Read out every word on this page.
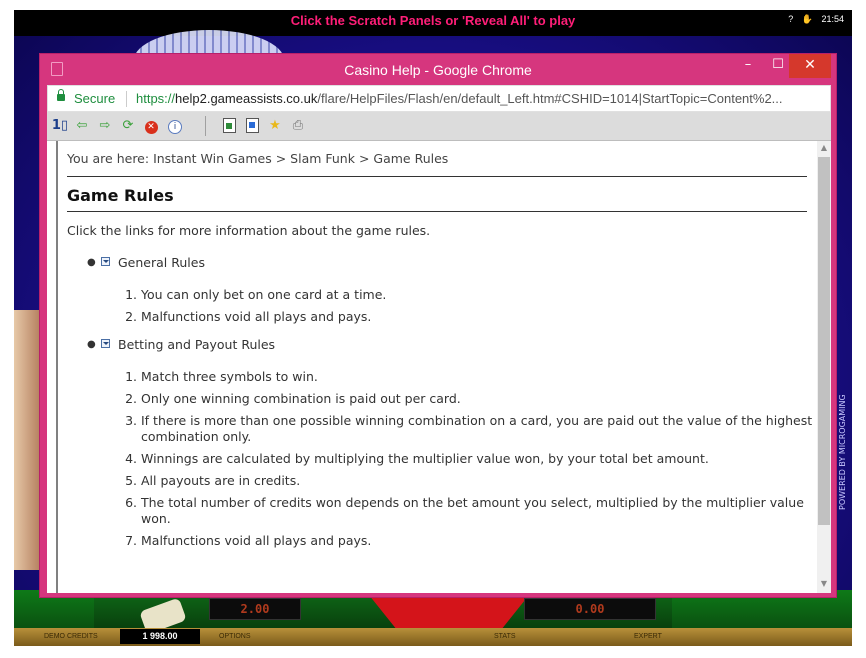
Click the Scratch Panels or 'Reveal All' to play	? ✋ 21:54
POWERED BY MICROGAMING
2.00	0.00
DEMO CREDITS	1 998.00	OPTIONS	STATS	EXPERT
Casino Help - Google Chrome	–	☐	✕
Secure https://help2.gameassists.co.uk/flare/HelpFiles/Flash/en/default_Left.htm#CSHID=1014|StartTopic=Content%2...
1▯ ⇦ ⇨ ⟳	✕	i	★ ⎙
You are here: Instant Win Games > Slam Funk > Game Rules
Game Rules
Click the links for more information about the game rules.
● General Rules
1. You can only bet on one card at a time.
2. Malfunctions void all plays and pays.
● Betting and Payout Rules
1. Match three symbols to win.
2. Only one winning combination is paid out per card.
3. If there is more than one possible winning combination on a card, you are paid out the value of the highest combination only.
4. Winnings are calculated by multiplying the multiplier value won, by your total bet amount.
5. All payouts are in credits.
6. The total number of credits won depends on the bet amount you select, multiplied by the multiplier value won.
7. Malfunctions void all plays and pays.
▲
▼
